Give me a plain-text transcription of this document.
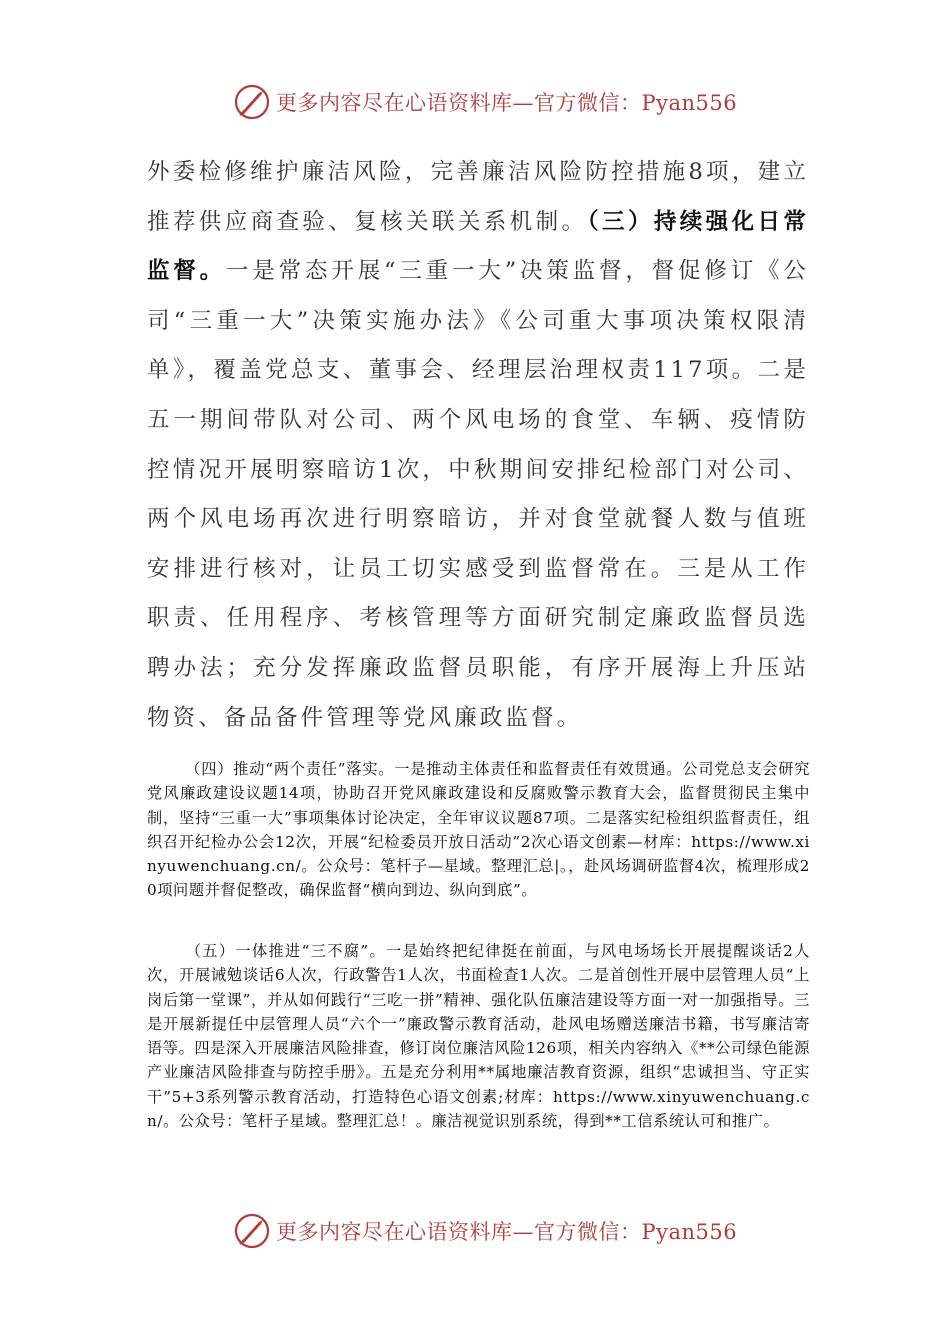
更多内容尽在心语资料库—官方微信：Pyan556
外委检修维护廉洁风险，完善廉洁风险防控措施8项，建立推荐供应商查验、复核关联关系机制。（三）持续强化日常监督。一是常态开展“三重一大”决策监督，督促修订《公司“三重一大”决策实施办法》《公司重大事项决策权限清单》，覆盖党总支、董事会、经理层治理权责117项。二是五一期间带队对公司、两个风电场的食堂、车辆、疫情防控情况开展明察暗访1次，中秋期间安排纪检部门对公司、两个风电场再次进行明察暗访，并对食堂就餐人数与值班安排进行核对，让员工切实感受到监督常在。三是从工作职责、任用程序、考核管理等方面研究制定廉政监督员选聘办法；充分发挥廉政监督员职能，有序开展海上升压站物资、备品备件管理等党风廉政监督。
（四）推动“两个责任”落实。一是推动主体责任和监督责任有效贯通。公司党总支会研究党风廉政建设议题14项，协助召开党风廉政建设和反腐败警示教育大会，监督贯彻民主集中制，坚持“三重一大”事项集体讨论决定，全年审议议题87项。二是落实纪检组织监督责任，组织召开纪检办公会12次，开展“纪检委员开放日活动”2次心语文创素—材库：https://www.xinyuwenchuang.cn/。公众号：笔杆子—星域。整理汇总|。，赴风场调研监督4次，梳理形成20项问题并督促整改，确保监督“横向到边、纵向到底”。
（五）一体推进“三不腐”。一是始终把纪律挺在前面，与风电场场长开展提醒谈话2人次，开展诫勉谈话6人次，行政警告1人次，书面检查1人次。二是首创性开展中层管理人员“上岗后第一堂课”，并从如何践行“三吃一拼”精神、强化队伍廉洁建设等方面一对一加强指导。三是开展新提任中层管理人员“六个一”廉政警示教育活动，赴风电场赠送廉洁书籍，书写廉洁寄语等。四是深入开展廉洁风险排查，修订岗位廉洁风险126项，相关内容纳入《**公司绿色能源产业廉洁风险排查与防控手册》。五是充分利用**属地廉洁教育资源，组织“忠诚担当、守正实干”5+3系列警示教育活动，打造特色心语文创素;材库：https://www.xinyuwenchuang.cn/。公众号：笔杆子星域。整理汇总！。廉洁视觉识别系统，得到**工信系统认可和推广。
更多内容尽在心语资料库—官方微信：Pyan556
